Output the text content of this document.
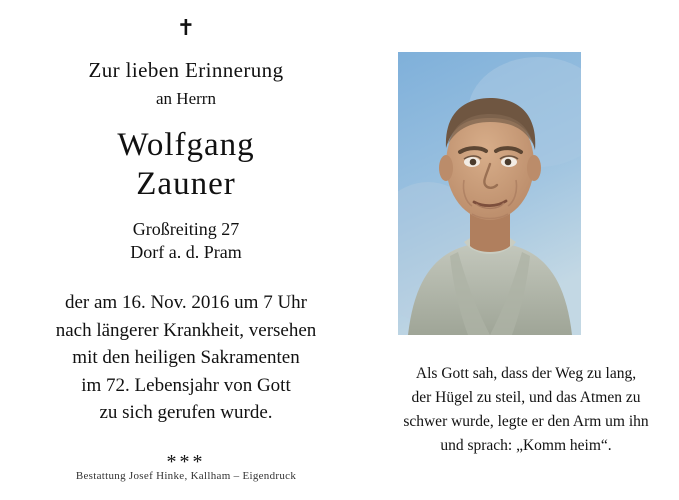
✝
Zur lieben Erinnerung
an Herrn
Wolfgang
Zauner
Großreiting 27
Dorf a. d. Pram
der am 16. Nov. 2016 um 7 Uhr
nach längerer Krankheit, versehen
mit den heiligen Sakramenten
im 72. Lebensjahr von Gott
zu sich gerufen wurde.
***
Bestattung Josef Hinke, Kallham – Eigendruck
Als Gott sah, dass der Weg zu lang,
der Hügel zu steil, und das Atmen zu
schwer wurde, legte er den Arm um ihn
und sprach: „Komm heim“.
